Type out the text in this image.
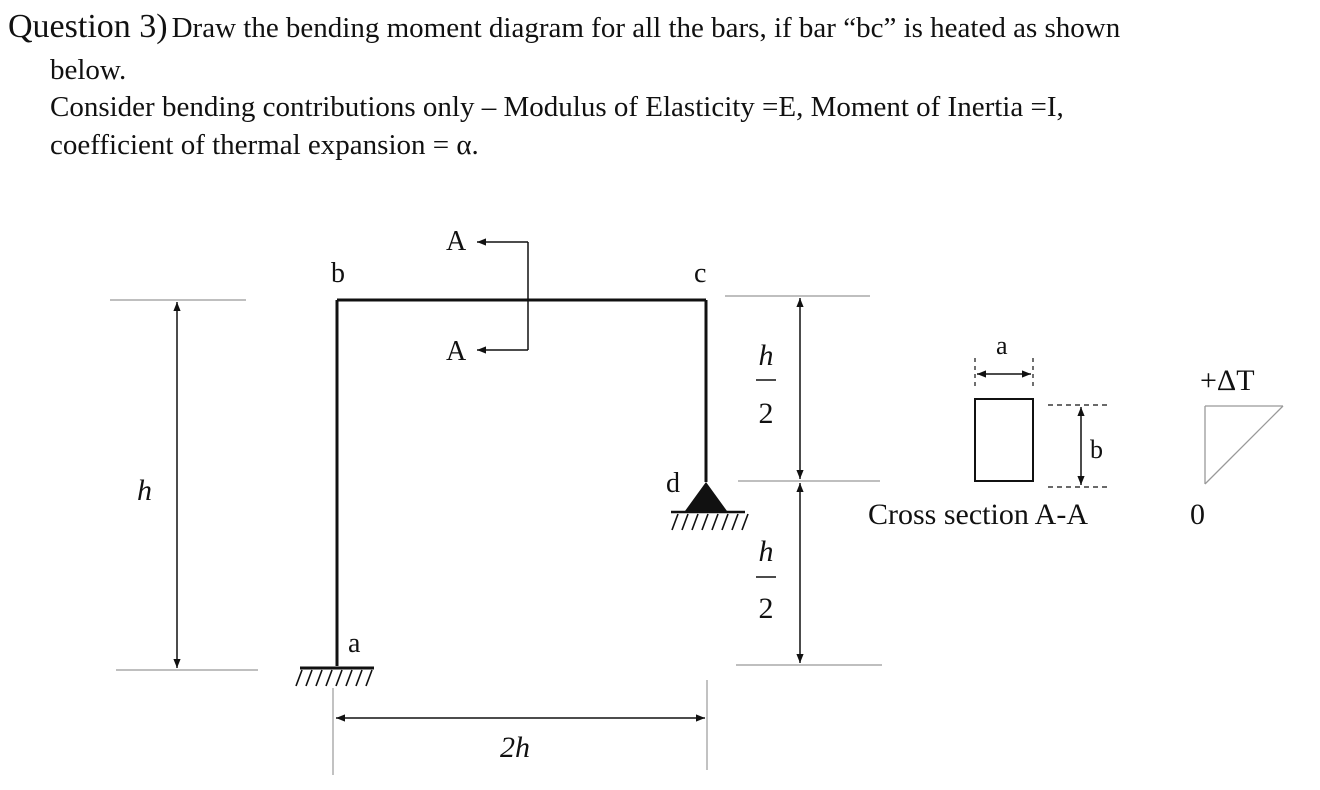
Question 3) Draw the bending moment diagram for all the bars, if bar “bc” is heated as shown
below.
Consider bending contributions only – Modulus of Elasticity =E, Moment of Inertia =I,
coefficient of thermal expansion = α.
b	c
d
a
A
A
h
2h
h
2
h
2
a
b
Cross section A-A
+ΔT
0
